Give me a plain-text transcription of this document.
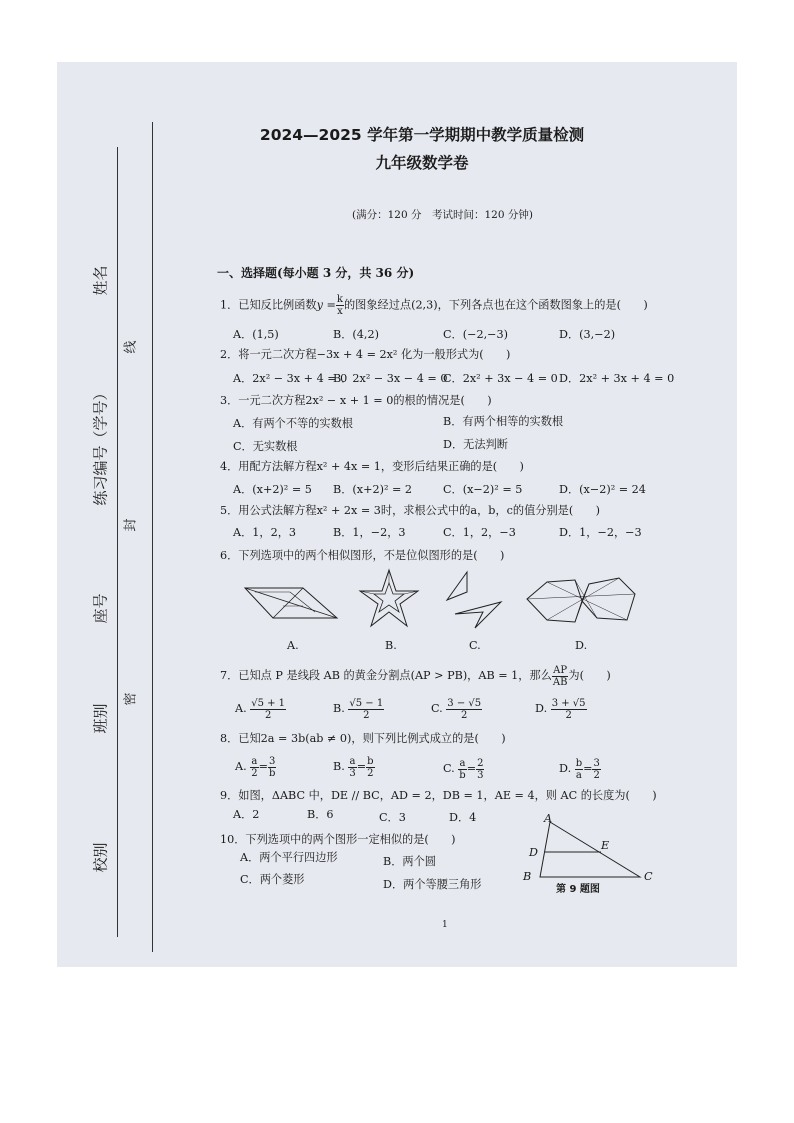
姓名
练习编号（学号）
座号
班别
校别
线
封
密
2024—2025 学年第一学期期中教学质量检测
九年级数学卷
(满分：120 分　考试时间：120 分钟)
一、选择题(每小题 3 分，共 36 分)
1．已知反比例函数$y = \frac{k}{x}$ 的图象经过点(2,3)，下列各点也在这个函数图象上的是(　　)
A．(1,5)	B．(4,2)	C．(−2,−3)	D．(3,−2)
2．将一元二次方程−3x + 4 = 2x² 化为一般形式为(　　)
A．2x² − 3x + 4 = 0
B．2x² − 3x − 4 = 0
C．2x² + 3x − 4 = 0 D．2x² + 3x + 4 = 0
3．一元二次方程2x² − x + 1 = 0的根的情况是(　　)
A．有两个不等的实数根	B．有两个相等的实数根
C．无实数根	D．无法判断
4．用配方法解方程x² + 4x = 1，变形后结果正确的是(　　)
A．(x+2)² = 5 B．(x+2)² = 2	C．(x−2)² = 5	D．(x−2)² = 24
5．用公式法解方程x² + 2x = 3时，求根公式中的a，b，c的值分别是(　　)
A．1，2，3	B．1，−2，3	C．1，2，−3	D．1，−2，−3
6．下列选项中的两个相似图形，不是位似图形的是(　　)
A.	B.	C.	D.
7．已知点 P 是线段 AB 的黄金分割点(AP > PB)，AB = 1，那么 $\frac{AP}{AB}$ 为(　　)
A. $\frac{√5 + 1}{2}$	B. $\frac{√5 - 1}{2}$	C. $\frac{3 - √5}{2}$	D. $\frac{3 + √5}{2}$
8．已知2a = 3b(ab ≠ 0)，则下列比例式成立的是(　　)
A. $\frac{a}{2} = \frac{3}{b}$	B. $\frac{a}{3} = \frac{b}{2}$	C. $\frac{a}{b} = \frac{2}{3}$	D. $\frac{b}{a} = \frac{3}{2}$
9．如图，ΔABC 中，DE // BC，AD = 2，DB = 1，AE = 4，则 AC 的长度为(　　)
A．2	B．6	C．3	D．4
10．下列选项中的两个图形一定相似的是(　　)
A．两个平行四边形	B．两个圆
C．两个菱形	D．两个等腰三角形
A
D
E
B	C
第 9 题图
1
